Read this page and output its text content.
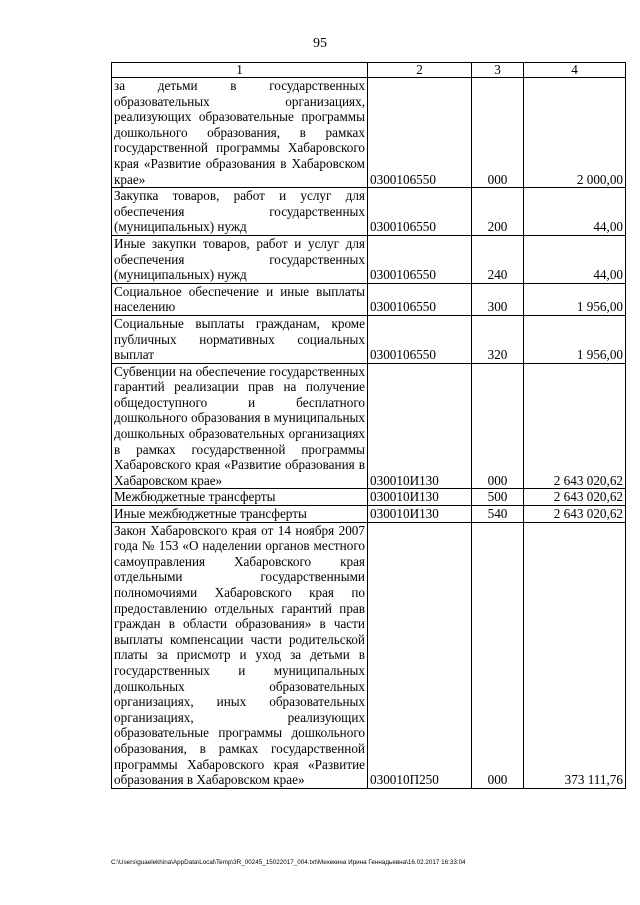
95
1	2	3	4
за детьми в государственных образовательных организациях, реализующих образовательные программы дошкольного образования, в рамках государственной программы Хабаровского края «Развитие образования в Хабаровском крае»	0300106550	000	2 000,00
Закупка товаров, работ и услуг для обеспечения государственных (муниципальных) нужд	0300106550	200	44,00
Иные закупки товаров, работ и услуг для обеспечения государственных (муниципальных) нужд	0300106550	240	44,00
Социальное обеспечение и иные выплаты населению	0300106550	300	1 956,00
Социальные выплаты гражданам, кроме публичных нормативных социальных выплат	0300106550	320	1 956,00
Субвенции на обеспечение государственных гарантий реализации прав на получение общедоступного и бесплатного дошкольного образования в муниципальных дошкольных образовательных организациях в рамках государственной программы Хабаровского края «Развитие образования в Хабаровском крае»	030010И130	000	2 643 020,62
Межбюджетные трансферты	030010И130	500	2 643 020,62
Иные межбюджетные трансферты	030010И130	540	2 643 020,62
Закон Хабаровского края от 14 ноября 2007 года № 153 «О наделении органов местного самоуправления Хабаровского края отдельными государственными полномочиями Хабаровского края по предоставлению отдельных гарантий прав граждан в области образования» в части выплаты компенсации части родительской платы за присмотр и уход за детьми в государственных и муниципальных дошкольных образовательных организациях, иных образовательных организациях, реализующих образовательные программы дошкольного образования, в рамках государственной программы Хабаровского края «Развитие образования в Хабаровском крае»	030010П250	000	373 111,76
C:\Users\guaelekhina\AppData\Local\Temp\3R_00245_15022017_004.txt\Мехекина Ирина Геннадьевна\16.02.2017 16:33:04
